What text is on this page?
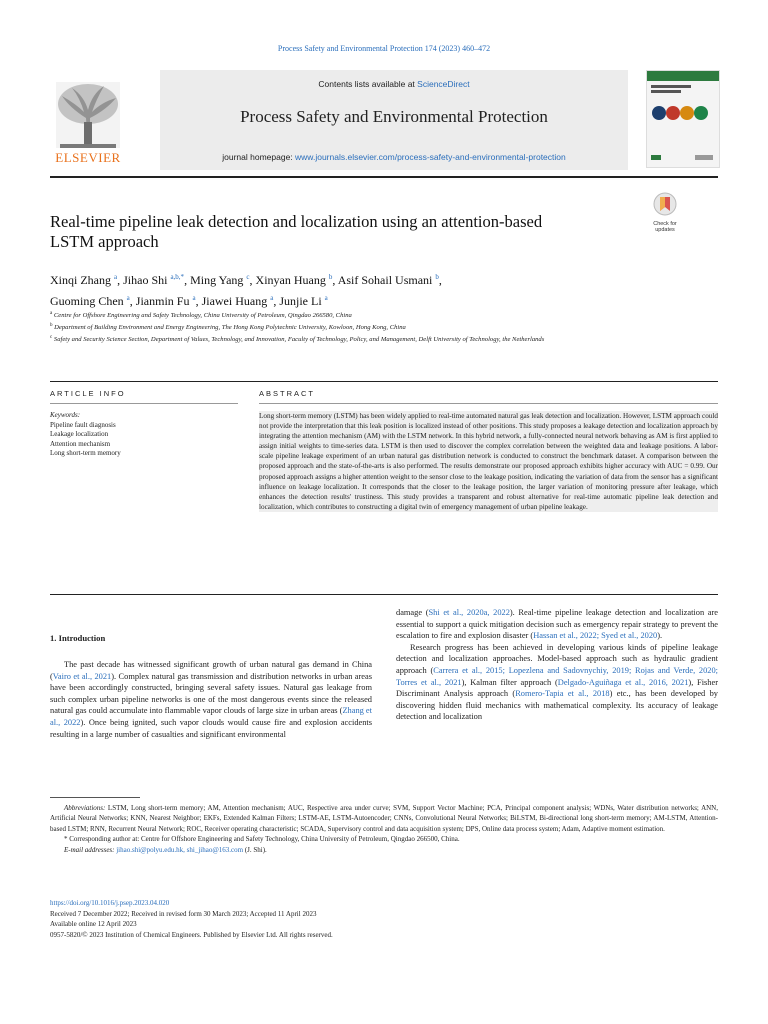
Process Safety and Environmental Protection 174 (2023) 460–472
ELSEVIER
Contents lists available at ScienceDirect
Process Safety and Environmental Protection
journal homepage: www.journals.elsevier.com/process-safety-and-environmental-protection
Real-time pipeline leak detection and localization using an attention-based
LSTM approach
Check for
updates
Xinqi Zhang $^a$, Jihao Shi $^{a,b,*}$, Ming Yang $^c$, Xinyan Huang $^b$, Asif Sohail Usmani $^b$,
Guoming Chen $^a$, Jianmin Fu $^a$, Jiawei Huang $^a$, Junjie Li $^a$
$^a$ Centre for Offshore Engineering and Safety Technology, China University of Petroleum, Qingdao 266580, China
$^b$ Department of Building Environment and Energy Engineering, The Hong Kong Polytechnic University, Kowloon, Hong Kong, China
$^c$ Safety and Security Science Section, Department of Values, Technology, and Innovation, Faculty of Technology, Policy, and Management, Delft University of Technology, the Netherlands
ARTICLE INFO	ABSTRACT
Keywords:
Pipeline fault diagnosis
Leakage localization
Attention mechanism
Long short-term memory
Long short-term memory (LSTM) has been widely applied to real-time automated natural gas leak detection and localization. However, LSTM approach could not provide the interpretation that this leak position is localized instead of other positions. This study proposes a leakage detection and localization approach by integrating the attention mechanism (AM) with the LSTM network. In this hybrid network, a fully-connected neural network behaving as AM is first applied to assign initial weights to time-series data. LSTM is then used to discover the complex correlation between the weighted data and leakage positions. A labor-scale pipeline leakage experiment of an urban natural gas distribution network is conducted to construct the benchmark dataset. A comparison between the proposed approach and the state-of-the-arts is also performed. The results demonstrate our proposed approach exhibits higher accuracy with AUC = 0.99. Our proposed approach assigns a higher attention weight to the sensor close to the leakage position, indicating the variation of data from the sensor has a significant influence on leakage localization. It corresponds that the closer to the leakage position, the larger variation of monitoring pressure after leakage, which enhances the detection results' trustiness. This study provides a transparent and robust alternative for real-time automatic pipeline leak detection and localization, which contributes to constructing a digital twin of emergency management of urban pipeline leakage.
1. Introduction

The past decade has witnessed significant growth of urban natural gas demand in China (Vairo et al., 2021). Complex natural gas transmission and distribution networks in urban areas have been accordingly constructed, bringing several safety issues. Natural gas leakage from such complex urban pipeline networks is one of the most dangerous events since the released natural gas could accumulate into flammable vapor clouds of large size in urban areas (Zhang et al., 2022). Once being ignited, such vapor clouds would cause fire and explosion accidents resulting in a large number of casualties and significant environmental

damage (Shi et al., 2020a, 2022). Real-time pipeline leakage detection and localization are essential to support a quick mitigation decision such as emergency repair strategy to prevent the escalation to fire and explosion disaster (Hassan et al., 2022; Syed et al., 2020).

Research progress has been achieved in developing various kinds of pipeline leakage detection and localization approaches. Model-based approach such as hydraulic gradient approach (Carrera et al., 2015; Lopezlena and Sadovnychiy, 2019; Rojas and Verde, 2020; Torres et al., 2021), Kalman filter approach (Delgado-Aguiñaga et al., 2016, 2021), Fisher Discriminant Analysis approach (Romero-Tapia et al., 2018) etc., has been developed by discovering hidden fluid mechanics with mathematical complexity. Its accuracy of leakage detection and localization

Abbreviations: LSTM, Long short-term memory; AM, Attention mechanism; AUC, Respective area under curve; SVM, Support Vector Machine; PCA, Principal component analysis; WDNs, Water distribution networks; ANN, Artificial Neural Networks; KNN, Nearest Neighbor; EKFs, Extended Kalman Filters; LSTM-AE, LSTM-Autoencoder; CNNs, Convolutional Neural Networks; BiLSTM, Bi-directional long short-term memory; AM-LSTM, Attention-based LSTM; RNN, Recurrent Neural Network; ROC, Receiver operating characteristic; SCADA, Supervisory control and data acquisition system; DPS, Online data process system; Adam, Adaptive moment estimation.
* Corresponding author at: Centre for Offshore Engineering and Safety Technology, China University of Petroleum, Qingdao 266500, China.
E-mail addresses: jihao.shi@polyu.edu.hk, shi_jihao@163.com (J. Shi).
https://doi.org/10.1016/j.psep.2023.04.020
Received 7 December 2022; Received in revised form 30 March 2023; Accepted 11 April 2023
Available online 12 April 2023
0957-5820/© 2023 Institution of Chemical Engineers. Published by Elsevier Ltd. All rights reserved.
